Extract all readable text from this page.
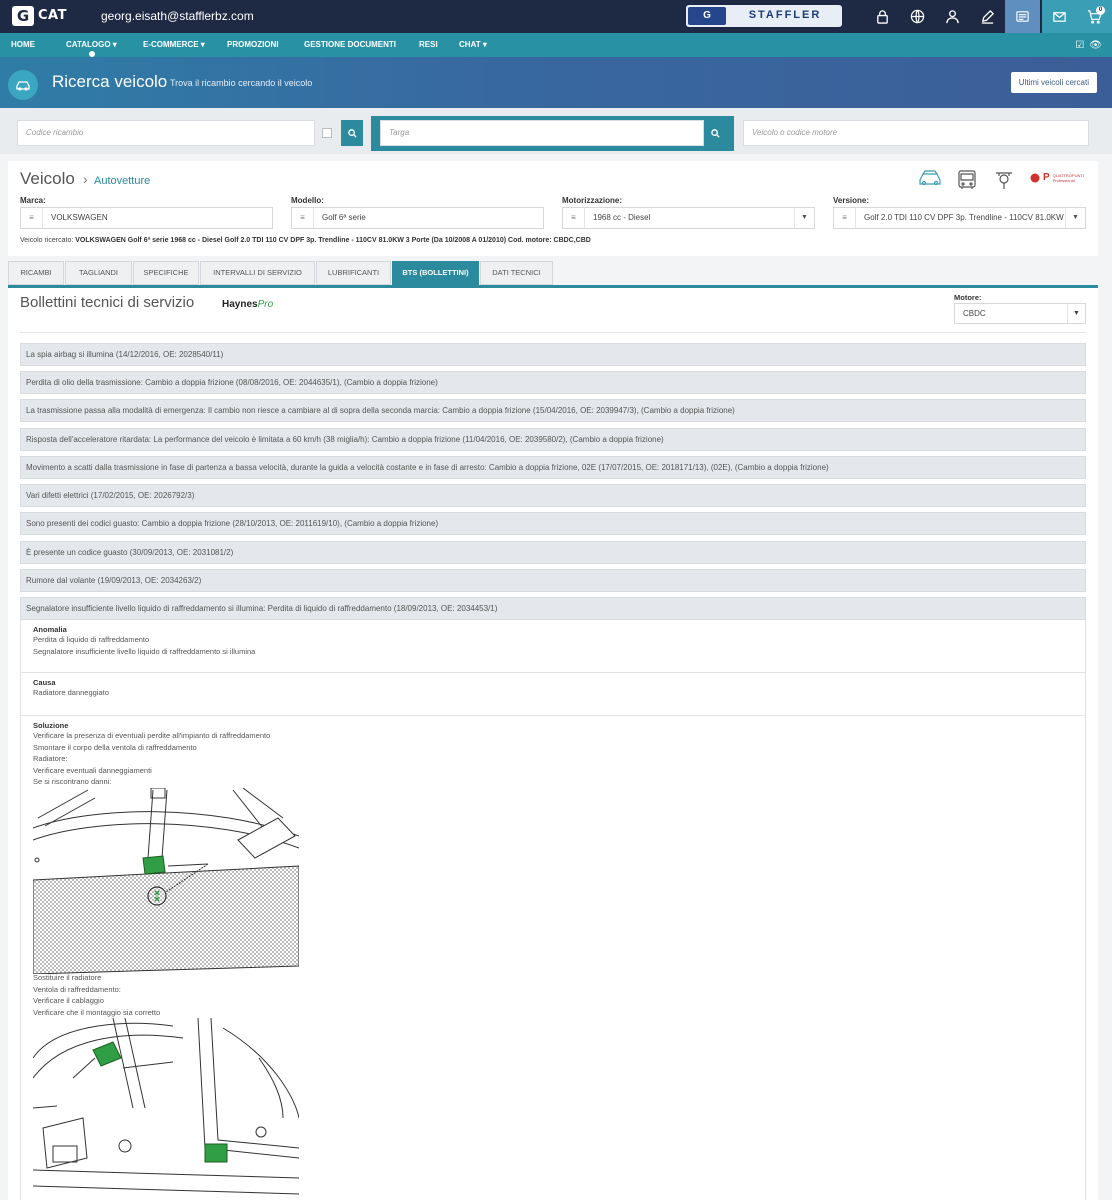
G CAT	georg.eisath@stafflerbz.com	G	STAFFLER	0
HOME	CATALOGO ▾	E-COMMERCE ▾	PROMOZIONI	GESTIONE DOCUMENTI	RESI	CHAT ▾	☑ 👁
Ricerca veicolo Trova il ricambio cercando il veicolo	Ultimi veicoli cercati
Codice ricambio	Targa	Veicolo o codice motore
Veicolo › Autovetture	P QUATTROPUNTI Professional
Marca:
≡	VOLKSWAGEN
Modello:
≡	Golf 6ª serie
Motorizzazione:
≡	1968 cc - Diesel	▼
Versione:
≡	Golf 2.0 TDI 110 CV DPF 3p. Trendline - 110CV 81.0KW	▼
Veicolo ricercato: VOLKSWAGEN Golf 6ª serie 1968 cc - Diesel Golf 2.0 TDI 110 CV DPF 3p. Trendline - 110CV 81.0KW 3 Porte (Da 10/2008 A 01/2010) Cod. motore: CBDC,CBD
RICAMBI	TAGLIANDI	SPECIFICHE	INTERVALLI DI SERVIZIO	LUBRIFICANTI	BTS (BOLLETTINI)	DATI TECNICI
Bollettini tecnici di servizio	HaynesPro
Motore:
CBDC	▼
La spia airbag si illumina (14/12/2016, OE: 2028540/11)
Perdita di olio della trasmissione: Cambio a doppia frizione (08/08/2016, OE: 2044635/1), (Cambio a doppia frizione)
La trasmissione passa alla modalità di emergenza: Il cambio non riesce a cambiare al di sopra della seconda marcia: Cambio a doppia frizione (15/04/2016, OE: 2039947/3), (Cambio a doppia frizione)
Risposta dell'acceleratore ritardata: La performance del veicolo è limitata a 60 km/h (38 miglia/h): Cambio a doppia frizione (11/04/2016, OE: 2039580/2), (Cambio a doppia frizione)
Movimento a scatti dalla trasmissione in fase di partenza a bassa velocità, durante la guida a velocità costante e in fase di arresto: Cambio a doppia frizione, 02E (17/07/2015, OE: 2018171/13), (02E), (Cambio a doppia frizione)
Vari difetti elettrici (17/02/2015, OE: 2026792/3)
Sono presenti dei codici guasto: Cambio a doppia frizione (28/10/2013, OE: 2011619/10), (Cambio a doppia frizione)
È presente un codice guasto (30/09/2013, OE: 2031081/2)
Rumore dal volante (19/09/2013, OE: 2034263/2)
Segnalatore insufficiente livello liquido di raffreddamento si illumina: Perdita di liquido di raffreddamento (18/09/2013, OE: 2034453/1)
Anomalia
Perdita di liquido di raffreddamento
Segnalatore insufficiente livello liquido di raffreddamento si illumina
Causa
Radiatore danneggiato
Soluzione
Verificare la presenza di eventuali perdite all'impianto di raffreddamento
Smontare il corpo della ventola di raffreddamento
Radiatore:
Verificare eventuali danneggiamenti
Se si riscontrano danni:
Sostituire il radiatore
Ventola di raffreddamento:
Verificare il cablaggio
Verificare che il montaggio sia corretto
